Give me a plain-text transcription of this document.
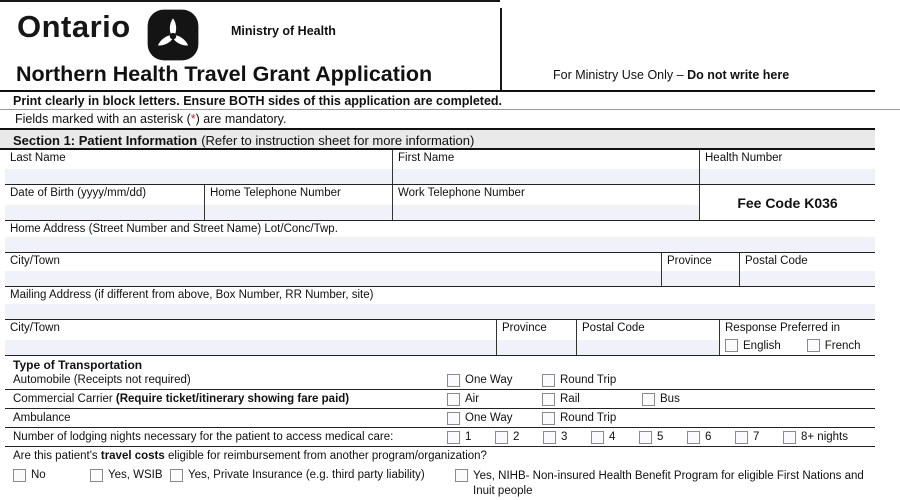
Ontario	Ministry of Health
Northern Health Travel Grant Application	For Ministry Use Only – Do not write here
Print clearly in block letters. Ensure BOTH sides of this application are completed.
Fields marked with an asterisk (*) are mandatory.
Section 1: Patient Information (Refer to instruction sheet for more information)
Last Name	First Name	Health Number
Date of Birth (yyyy/mm/dd)	Home Telephone Number	Work Telephone Number
Fee Code K036
Home Address (Street Number and Street Name) Lot/Conc/Twp.
City/Town	Province	Postal Code
Mailing Address (if different from above, Box Number, RR Number, site)
City/Town	Province	Postal Code	Response Preferred in
English	French
Type of Transportation
Automobile (Receipts not required)	One Way	Round Trip
Commercial Carrier (Require ticket/itinerary showing fare paid)	Air	Rail	Bus
Ambulance	One Way	Round Trip
Number of lodging nights necessary for the patient to access medical care:	1	2	3	4	5	6	7	8+ nights
Are this patient's travel costs eligible for reimbursement from another program/organization?
No	Yes, WSIB Yes, Private Insurance (e.g. third party liability)	Yes, NIHB- Non-insured Health Benefit Program for eligible First Nations and Inuit people
